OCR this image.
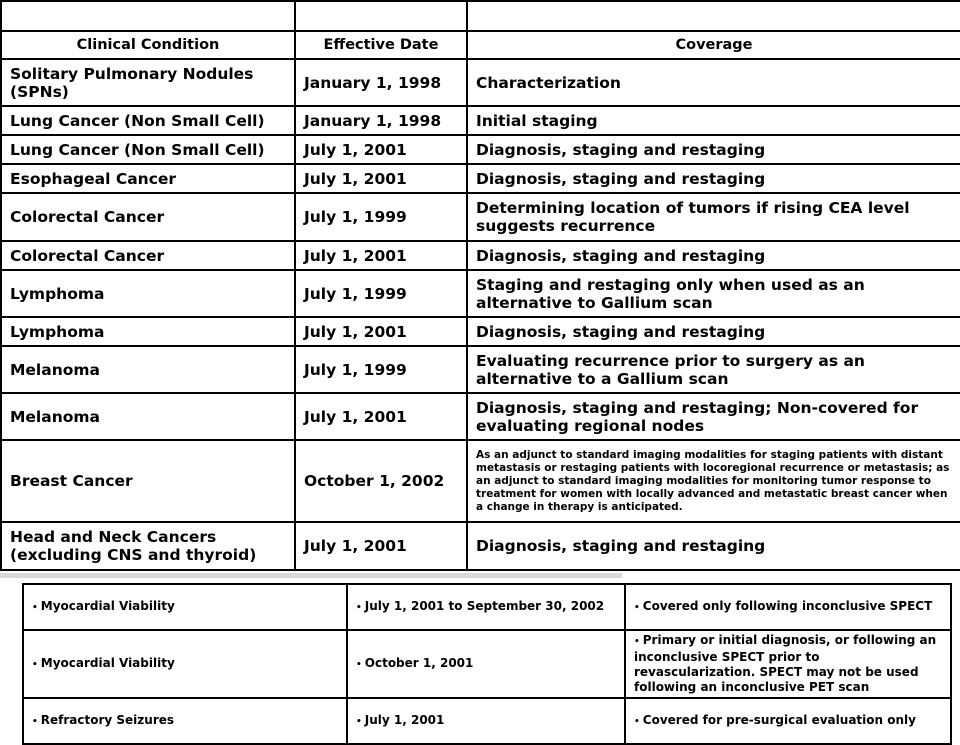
Clinical Condition	Effective Date	Coverage
Solitary Pulmonary Nodules (SPNs)	January 1, 1998	Characterization
Lung Cancer (Non Small Cell)	January 1, 1998	Initial staging
Lung Cancer (Non Small Cell)	July 1, 2001	Diagnosis, staging and restaging
Esophageal Cancer	July 1, 2001	Diagnosis, staging and restaging
Colorectal Cancer	July 1, 1999	Determining location of tumors if rising CEA level suggests recurrence
Colorectal Cancer	July 1, 2001	Diagnosis, staging and restaging
Lymphoma	July 1, 1999	Staging and restaging only when used as an alternative to Gallium scan
Lymphoma	July 1, 2001	Diagnosis, staging and restaging
Melanoma	July 1, 1999	Evaluating recurrence prior to surgery as an alternative to a Gallium scan
Melanoma	July 1, 2001	Diagnosis, staging and restaging; Non-covered for evaluating regional nodes
Breast Cancer	October 1, 2002	As an adjunct to standard imaging modalities for staging patients with distant metastasis or restaging patients with locoregional recurrence or metastasis; as an adjunct to standard imaging modalities for monitoring tumor response to treatment for women with locally advanced and metastatic breast cancer when a change in therapy is anticipated.
Head and Neck Cancers (excluding CNS and thyroid)	July 1, 2001	Diagnosis, staging and restaging
• Myocardial Viability	• July 1, 2001 to September 30, 2002	• Covered only following inconclusive SPECT
• Myocardial Viability	• October 1, 2001	• Primary or initial diagnosis, or following an inconclusive SPECT prior to revascularization. SPECT may not be used following an inconclusive PET scan
• Refractory Seizures	• July 1, 2001	• Covered for pre-surgical evaluation only
